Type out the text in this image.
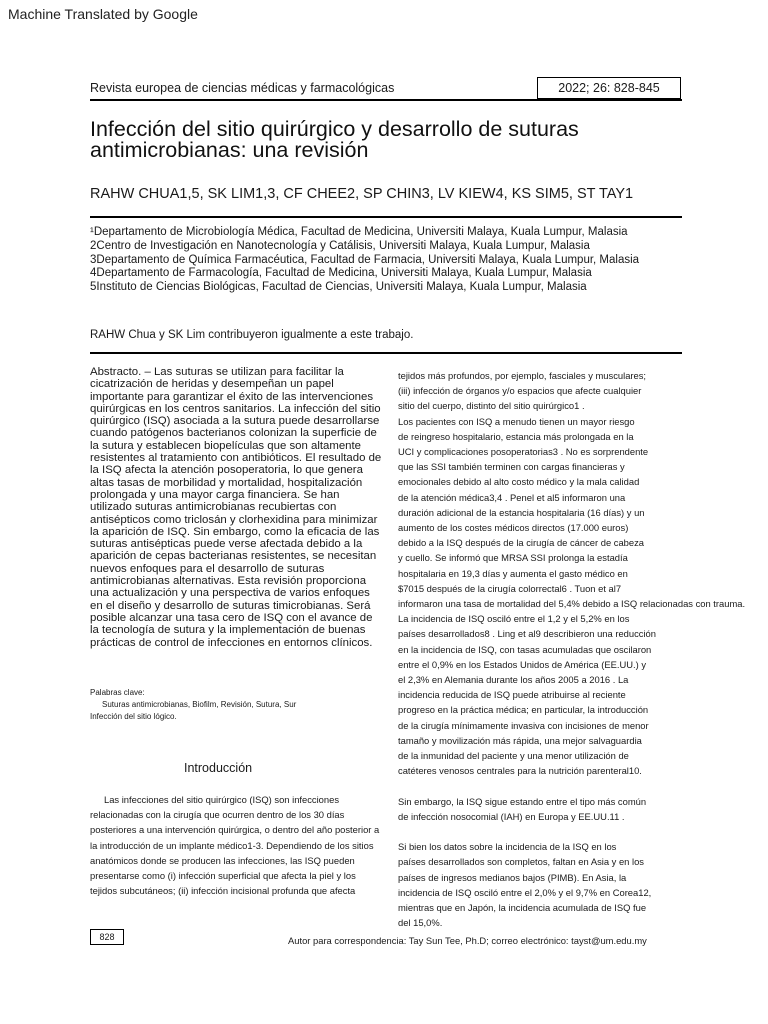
Machine Translated by Google
Revista europea de ciencias médicas y farmacológicas	2022; 26: 828-845
Infección del sitio quirúrgico y desarrollo de suturas antimicrobianas: una revisión
RAHW CHUA1,5, SK LIM1,3, CF CHEE2, SP CHIN3, LV KIEW4, KS SIM5, ST TAY1
¹Departamento de Microbiología Médica, Facultad de Medicina, Universiti Malaya, Kuala Lumpur, Malasia
2Centro de Investigación en Nanotecnología y Catálisis, Universiti Malaya, Kuala Lumpur, Malasia
3Departamento de Química Farmacéutica, Facultad de Farmacia, Universiti Malaya, Kuala Lumpur, Malasia
4Departamento de Farmacología, Facultad de Medicina, Universiti Malaya, Kuala Lumpur, Malasia
5Instituto de Ciencias Biológicas, Facultad de Ciencias, Universiti Malaya, Kuala Lumpur, Malasia
RAHW Chua y SK Lim contribuyeron igualmente a este trabajo.

Abstracto. – Las suturas se utilizan para facilitar la cicatrización de heridas y desempeñan un papel importante para garantizar el éxito de las intervenciones quirúrgicas en los centros sanitarios. La infección del sitio quirúrgico (ISQ) asociada a la sutura puede desarrollarse cuando patógenos bacterianos colonizan la superficie de la sutura y establecen biopelículas que son altamente resistentes al tratamiento con antibióticos. El resultado de la ISQ afecta la atención posoperatoria, lo que genera altas tasas de morbilidad y mortalidad, hospitalización prolongada y una mayor carga financiera. Se han utilizado suturas antimicrobianas recubiertas con antisépticos como triclosán y clorhexidina para minimizar la aparición de ISQ. Sin embargo, como la eficacia de las suturas antisépticas puede verse afectada debido a la aparición de cepas bacterianas resistentes, se necesitan nuevos enfoques para el desarrollo de suturas antimicrobianas alternativas. Esta revisión proporciona una actualización y una perspectiva de varios enfoques en el diseño y desarrollo de suturas timicrobianas. Será posible alcanzar una tasa cero de ISQ con el avance de la tecnología de sutura y la implementación de buenas prácticas de control de infecciones en entornos clínicos.

Palabras clave:
Suturas antimicrobianas, Biofilm, Revisión, Sutura, Sur
Infección del sitio lógico.
Introducción

Las infecciones del sitio quirúrgico (ISQ) son infecciones relacionadas con la cirugía que ocurren dentro de los 30 días posteriores a una intervención quirúrgica, o dentro del año posterior a la introducción de un implante médico1-3. Dependiendo de los sitios anatómicos donde se producen las infecciones, las ISQ pueden presentarse como (i) infección superficial que afecta la piel y los tejidos subcutáneos; (ii) infección incisional profunda que afecta

tejidos más profundos, por ejemplo, fasciales y musculares;

(iii) infección de órganos y/o espacios que afecte cualquier

sitio del cuerpo, distinto del sitio quirúrgico1 .

Los pacientes con ISQ a menudo tienen un mayor riesgo

de reingreso hospitalario, estancia más prolongada en la

UCI y complicaciones posoperatorias3 . No es sorprendente

que las SSI también terminen con cargas financieras y

emocionales debido al alto costo médico y la mala calidad

de la atención médica3,4 . Penel et al5 informaron una

duración adicional de la estancia hospitalaria (16 días) y un

aumento de los costes médicos directos (17.000 euros)

debido a la ISQ después de la cirugía de cáncer de cabeza

y cuello. Se informó que MRSA SSI prolonga la estadía

hospitalaria en 19,3 días y aumenta el gasto médico en

$7015 después de la cirugía colorrectal6 . Tuon et al7

informaron una tasa de mortalidad del 5,4% debido a ISQ relacionadas con trauma.

La incidencia de ISQ osciló entre el 1,2 y el 5,2% en los

países desarrollados8 . Ling et al9 describieron una reducción

en la incidencia de ISQ, con tasas acumuladas que oscilaron

entre el 0,9% en los Estados Unidos de América (EE.UU.) y

el 2,3% en Alemania durante los años 2005 a 2016 . La

incidencia reducida de ISQ puede atribuirse al reciente

progreso en la práctica médica; en particular, la introducción

de la cirugía mínimamente invasiva con incisiones de menor

tamaño y movilización más rápida, una mejor salvaguardia

de la inmunidad del paciente y una menor utilización de

catéteres venosos centrales para la nutrición parenteral10.

Sin embargo, la ISQ sigue estando entre el tipo más común

de infección nosocomial (IAH) en Europa y EE.UU.11 .

Si bien los datos sobre la incidencia de la ISQ en los

países desarrollados son completos, faltan en Asia y en los

países de ingresos medianos bajos (PIMB). En Asia, la

incidencia de ISQ osciló entre el 2,0% y el 9,7% en Corea12,

mientras que en Japón, la incidencia acumulada de ISQ fue

del 15,0%.

828	Autor para correspondencia: Tay Sun Tee, Ph.D; correo electrónico: tayst@um.edu.my
